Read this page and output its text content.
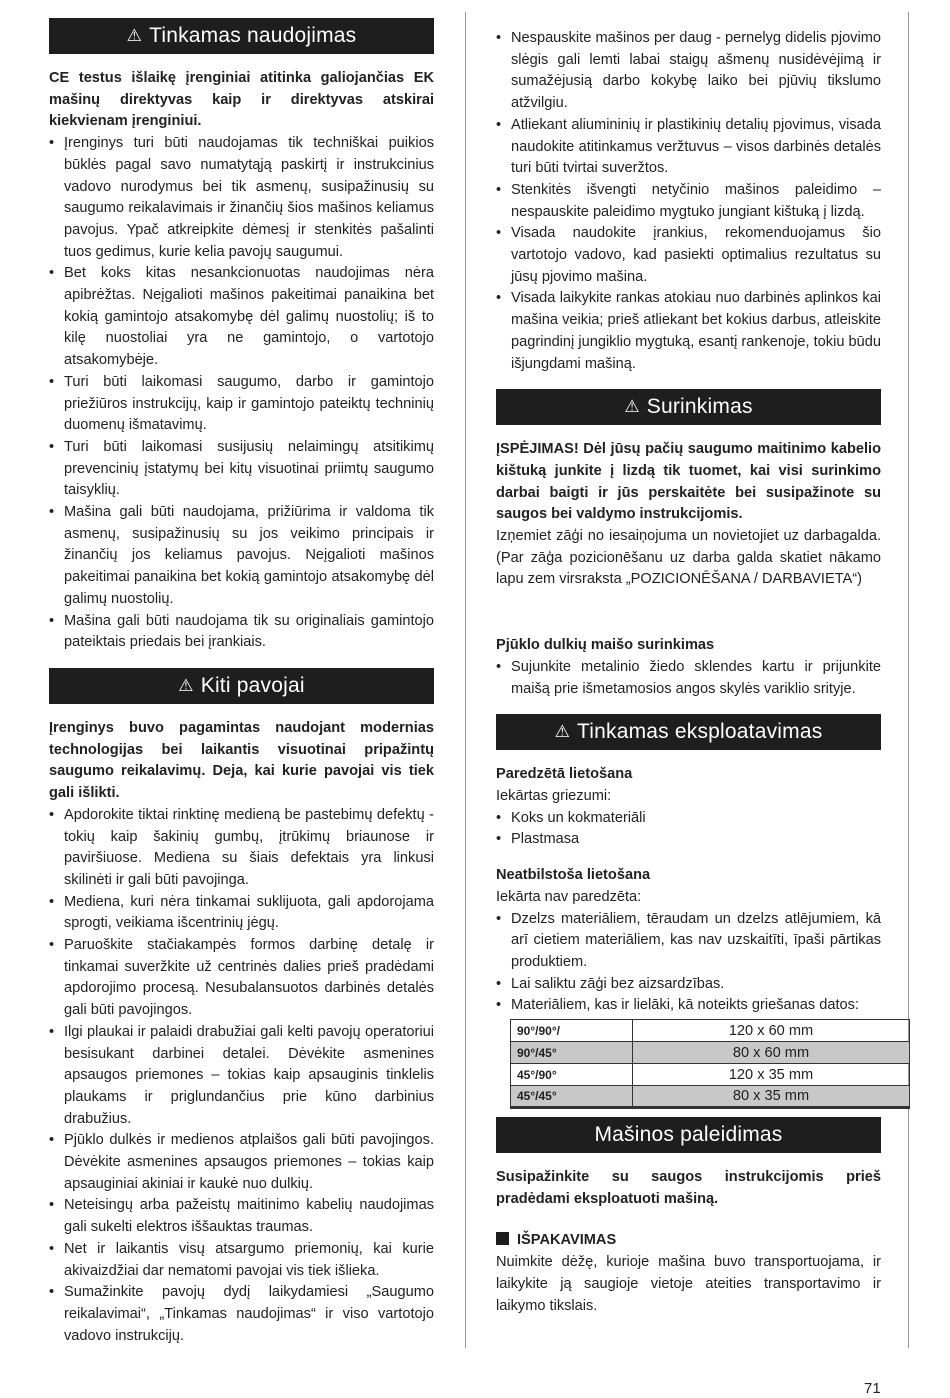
⚠ Tinkamas naudojimas

CE testus išlaikę įrenginiai atitinka galiojančias EK mašinų direktyvas kaip ir direktyvas atskirai kiekvienam įrenginiui.

• Įrenginys turi būti naudojamas tik techniškai puikios būklės pagal savo numatytąją paskirtį ir instrukcinius vadovo nurodymus bei tik asmenų, susipažinusių su saugumo reikalavimais ir žinančių šios mašinos keliamus pavojus. Ypač atkreipkite dėmesį ir stenkitės pašalinti tuos gedimus, kurie kelia pavojų saugumui.
• Bet koks kitas nesankcionuotas naudojimas nėra apibrėžtas. Neįgalioti mašinos pakeitimai panaikina bet kokią gamintojo atsakomybę dėl galimų nuostolių; iš to kilę nuostoliai yra ne gamintojo, o vartotojo atsakomybėje.
• Turi būti laikomasi saugumo, darbo ir gamintojo priežiūros instrukcijų, kaip ir gamintojo pateiktų techninių duomenų išmatavimų.
• Turi būti laikomasi susijusių nelaimingų atsitikimų prevencinių įstatymų bei kitų visuotinai priimtų saugumo taisyklių.
• Mašina gali būti naudojama, prižiūrima ir valdoma tik asmenų, susipažinusių su jos veikimo principais ir žinančių jos keliamus pavojus. Neįgalioti mašinos pakeitimai panaikina bet kokią gamintojo atsakomybę dėl galimų nuostolių.
• Mašina gali būti naudojama tik su originaliais gamintojo pateiktais priedais bei įrankiais.
⚠ Kiti pavojai

Įrenginys buvo pagamintas naudojant modernias technologijas bei laikantis visuotinai pripažintų saugumo reikalavimų. Deja, kai kurie pavojai vis tiek gali išlikti.

• Apdorokite tiktai rinktinę medieną be pastebimų defektų - tokių kaip šakinių gumbų, įtrūkimų briaunose ir paviršiuose. Mediena su šiais defektais yra linkusi skilinėti ir gali būti pavojinga.
• Mediena, kuri nėra tinkamai suklijuota, gali apdorojama sprogti, veikiama išcentrinių jėgų.
• Paruoškite stačiakampės formos darbinę detalę ir tinkamai suveržkite už centrinės dalies prieš pradėdami apdorojimo procesą. Nesubalansuotos darbinės detalės gali būti pavojingos.
• Ilgi plaukai ir palaidi drabužiai gali kelti pavojų operatoriui besisukant darbinei detalei. Dėvėkite asmenines apsaugos priemones – tokias kaip apsauginis tinklelis plaukams ir priglundančius prie kūno darbinius drabužius.
• Pjūklo dulkės ir medienos atplaišos gali būti pavojingos. Dėvėkite asmenines apsaugos priemones – tokias kaip apsauginiai akiniai ir kaukė nuo dulkių.
• Neteisingų arba pažeistų maitinimo kabelių naudojimas gali sukelti elektros iššauktas traumas.
• Net ir laikantis visų atsargumo priemonių, kai kurie akivaizdžiai dar nematomi pavojai vis tiek išlieka.
• Sumažinkite pavojų dydį laikydamiesi „Saugumo reikalavimai“, „Tinkamas naudojimas“ ir viso vartotojo vadovo instrukcijų.
• Nespauskite mašinos per daug - pernelyg didelis pjovimo slėgis gali lemti labai staigų ašmenų nusidėvėjimą ir sumažėjusią darbo kokybę laiko bei pjūvių tikslumo atžvilgiu.
• Atliekant aliumininių ir plastikinių detalių pjovimus, visada naudokite atitinkamus veržtuvus – visos darbinės detalės turi būti tvirtai suveržtos.
• Stenkitės išvengti netyčinio mašinos paleidimo – nespauskite paleidimo mygtuko jungiant kištuką į lizdą.
• Visada naudokite įrankius, rekomenduojamus šio vartotojo vadovo, kad pasiekti optimalius rezultatus su jūsų pjovimo mašina.
• Visada laikykite rankas atokiau nuo darbinės aplinkos kai mašina veikia; prieš atliekant bet kokius darbus, atleiskite pagrindinį jungiklio mygtuką, esantį rankenoje, tokiu būdu išjungdami mašiną.
⚠ Surinkimas

ĮSPĖJIMAS! Dėl jūsų pačių saugumo maitinimo kabelio kištuką junkite į lizdą tik tuomet, kai visi surinkimo darbai baigti ir jūs perskaitėte bei susipažinote su saugos bei valdymo instrukcijomis.

Izņemiet zāģi no iesaiņojuma un novietojiet uz darbagalda. (Par zāģa pozicionēšanu uz darba galda skatiet nākamo lapu zem virsraksta „POZICIONĒŠANA / DARBAVIETA“)

Pjūklo dulkių maišo surinkimas
• Sujunkite metalinio žiedo sklendes kartu ir prijunkite maišą prie išmetamosios angos skylės variklio srityje.
⚠ Tinkamas eksploatavimas
Paredzētā lietošana

Iekārtas griezumi:

• Koks un kokmateriāli
• Plastmasa
Neatbilstoša lietošana

Iekārta nav paredzēta:

• Dzelzs materiāliem, tēraudam un dzelzs atlējumiem, kā arī cietiem materiāliem, kas nav uzskaitīti, īpaši pārtikas produktiem.
• Lai saliktu zāģi bez aizsardzības.
• Materiāliem, kas ir lielāki, kā noteikts griešanas datos:
90°/90°/	120 x 60 mm
90°/45°	80 x 60 mm
45°/90°	120 x 35 mm
45°/45°	80 x 35 mm
Mašinos paleidimas

Susipažinkite su saugos instrukcijomis prieš pradėdami eksploatuoti mašiną.

IŠPAKAVIMAS

Nuimkite dėžę, kurioje mašina buvo transportuojama, ir laikykite ją saugioje vietoje ateities transportavimo ir laikymo tikslais.

71
